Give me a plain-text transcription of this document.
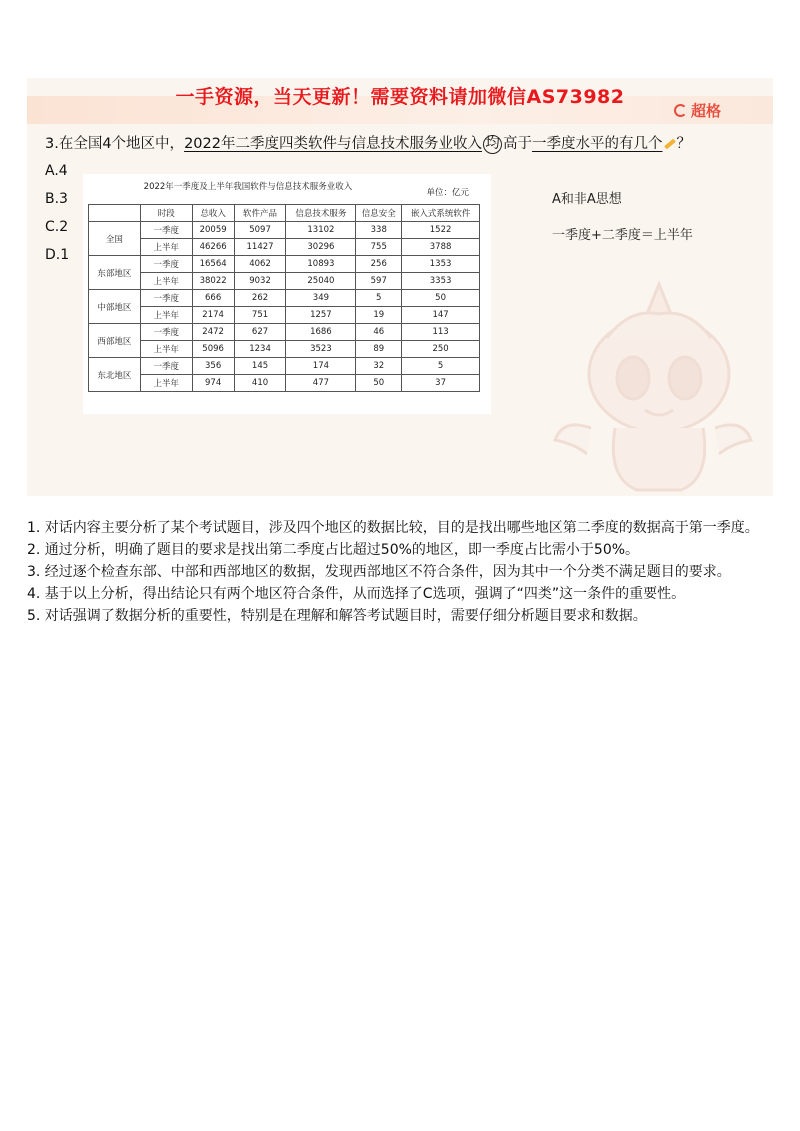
一手资源，当天更新！需要资料请加微信AS73982
超格
3.在全国4个地区中，2022年二季度四类软件与信息技术服务业收入 均 高于一季度水平的有几个 ？
A.4
B.3
C.2
D.1
2022年一季度及上半年我国软件与信息技术服务业收入
单位：亿元
	时段	总收入	软件产品	信息技术服务	信息安全	嵌入式系统软件
全国	一季度	20059	5097	13102	338	1522
	上半年	46266	11427	30296	755	3788
东部地区	一季度	16564	4062	10893	256	1353
	上半年	38022	9032	25040	597	3353
中部地区	一季度	666	262	349	5	50
	上半年	2174	751	1257	19	147
西部地区	一季度	2472	627	1686	46	113
	上半年	5096	1234	3523	89	250
东北地区	一季度	356	145	174	32	5
	上半年	974	410	477	50	37
A和非A思想
一季度+二季度＝上半年

1. 对话内容主要分析了某个考试题目，涉及四个地区的数据比较，目的是找出哪些地区第二季度的数据高于第一季度。

2. 通过分析，明确了题目的要求是找出第二季度占比超过50%的地区，即一季度占比需小于50%。

3. 经过逐个检查东部、中部和西部地区的数据，发现西部地区不符合条件，因为其中一个分类不满足题目的要求。

4. 基于以上分析，得出结论只有两个地区符合条件，从而选择了C选项，强调了“四类”这一条件的重要性。

5. 对话强调了数据分析的重要性，特别是在理解和解答考试题目时，需要仔细分析题目要求和数据。
